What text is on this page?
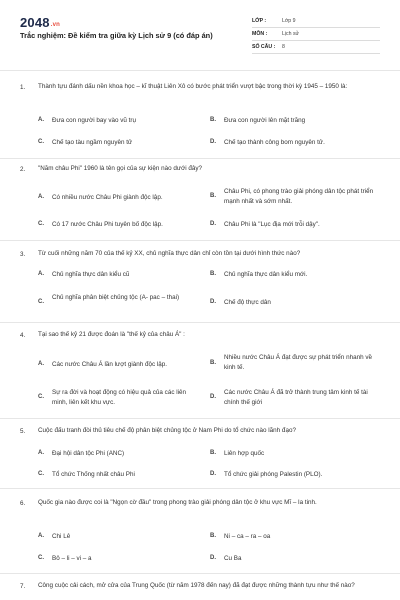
2048.vn
Trắc nghiệm: Đề kiểm tra giữa kỳ Lịch sử 9 (có đáp án)
LỚP :	Lớp 9
MÔN :	Lịch sử
SỐ CÂU : 8
1. Thành tựu đánh dấu nền khoa học – kĩ thuật Liên Xô có bước phát triển vượt bậc trong thời kỳ 1945 – 1950 là:
A. Đưa con người bay vào vũ trụ	B. Đưa con người lên mặt trăng
C. Chế tạo tàu ngầm nguyên tử	D. Chế tạo thành công bom nguyên tử.
2. "Năm châu Phi" 1960 là tên gọi của sự kiện nào dưới đây?
A. Có nhiều nước Châu Phi giành độc lập.	B.
Châu Phi, có phong trào giải phóng dân tộc phát triển mạnh nhất và sớm nhất.
C. Có 17 nước Châu Phi tuyên bố độc lập.	D. Châu Phi là "Lục địa mới trỗi dậy".
3. Từ cuối những năm 70 của thế kỷ XX, chủ nghĩa thực dân chỉ còn tồn tại dưới hình thức nào?
A. Chủ nghĩa thực dân kiểu cũ	B. Chủ nghĩa thực dân kiểu mới.
C.
Chủ nghĩa phân biệt chủng tộc (A- pac – thai)
D. Chế độ thực dân
4. Tại sao thế kỷ 21 được đoán là "thế kỷ của châu Á" :
A. Các nước Châu Á lần lượt giành độc lập.	B.
Nhiều nước Châu Á đạt được sự phát triển nhanh về kinh tế.
C.
Sự ra đời và hoạt động có hiệu quả của các liên minh, liên kết khu vực.
D.
Các nước Châu Á đã trở thành trung tâm kinh tế tài chính thế giới
5. Cuộc đấu tranh đòi thủ tiêu chế độ phân biệt chủng tộc ở Nam Phi do tổ chức nào lãnh đạo?
A. Đại hội dân tộc Phi (ANC)	B. Liên hợp quốc
C. Tổ chức Thống nhất châu Phi	D. Tổ chức giải phóng Palestin (PLO).
6. Quốc gia nào được coi là "Ngọn cờ đầu" trong phong trào giải phóng dân tộc ở khu vực Mĩ – la tinh.
A. Chi Lê	B. Ni – ca – ra – oa
C. Bô – li – vi – a	D. Cu Ba
7. Công cuộc cải cách, mở cửa của Trung Quốc (từ năm 1978 đến nay) đã đạt được những thành tựu như thế nào?
